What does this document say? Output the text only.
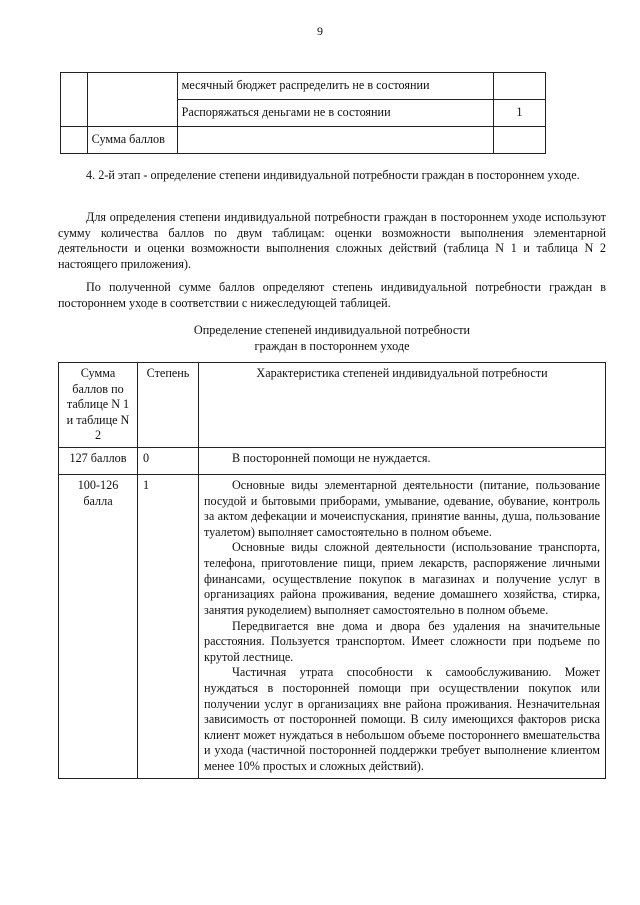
9
		месячный бюджет распределить не в состоянии	
		Распоряжаться деньгами не в состоянии	1
	Сумма баллов		
4. 2-й этап - определение степени индивидуальной потребности граждан в постороннем уходе.
Для определения степени индивидуальной потребности граждан в постороннем уходе используют сумму количества баллов по двум таблицам: оценки возможности выполнения элементарной деятельности и оценки возможности выполнения сложных действий (таблица N 1 и таблица N 2 настоящего приложения).
По полученной сумме баллов определяют степень индивидуальной потребности граждан в постороннем уходе в соответствии с нижеследующей таблицей.
Определение степеней индивидуальной потребности
граждан в постороннем уходе
Сумма баллов по таблице N 1 и таблице N 2	Степень	Характеристика степеней индивидуальной потребности
127 баллов	0	В посторонней помощи не нуждается.

100-126 балла	1	Основные виды элементарной деятельности (питание, пользование посудой и бытовыми приборами, умывание, одевание, обувание, контроль за актом дефекации и мочеиспускания, принятие ванны, душа, пользование туалетом) выполняет самостоятельно в полном объеме.

Основные виды сложной деятельности (использование транспорта, телефона, приготовление пищи, прием лекарств, распоряжение личными финансами, осуществление покупок в магазинах и получение услуг в организациях района проживания, ведение домашнего хозяйства, стирка, занятия рукоделием) выполняет самостоятельно в полном объеме.

Передвигается вне дома и двора без удаления на значительные расстояния. Пользуется транспортом. Имеет сложности при подъеме по крутой лестнице.

Частичная утрата способности к самообслуживанию. Может нуждаться в посторонней помощи при осуществлении покупок или получении услуг в организациях вне района проживания. Незначительная зависимость от посторонней помощи. В силу имеющихся факторов риска клиент может нуждаться в небольшом объеме постороннего вмешательства и ухода (частичной посторонней поддержки требует выполнение клиентом менее 10% простых и сложных действий).
